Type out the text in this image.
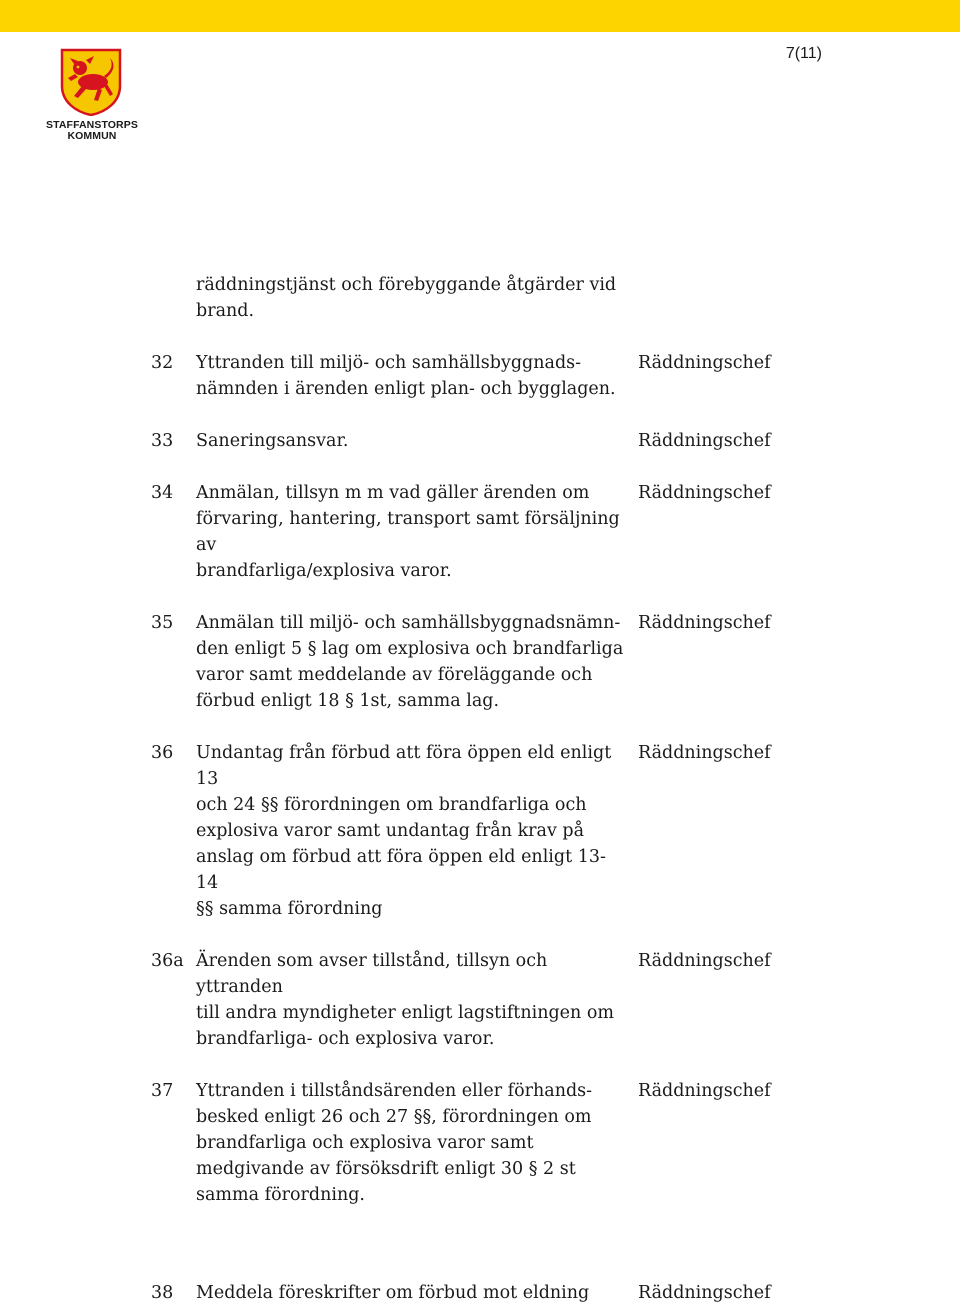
7(11)
STAFFANSTORPS
KOMMUN
räddningstjänst och förebyggande åtgärder vid
brand.
32 Yttranden till miljö- och samhällsbyggnads-
nämnden i ärenden enligt plan- och bygglagen.
Räddningschef
33 Saneringsansvar.	Räddningschef
34 Anmälan, tillsyn m m vad gäller ärenden om
förvaring, hantering, transport samt försäljning av
brandfarliga/explosiva varor.
Räddningschef
35 Anmälan till miljö- och samhällsbyggnadsnämn-
den enligt 5 § lag om explosiva och brandfarliga
varor samt meddelande av föreläggande och
förbud enligt 18 § 1st, samma lag.
Räddningschef
36 Undantag från förbud att föra öppen eld enligt 13
och 24 §§ förordningen om brandfarliga och
explosiva varor samt undantag från krav på
anslag om förbud att föra öppen eld enligt 13-14
§§ samma förordning
Räddningschef
36a Ärenden som avser tillstånd, tillsyn och yttranden
till andra myndigheter enligt lagstiftningen om
brandfarliga- och explosiva varor.
Räddningschef
37 Yttranden i tillståndsärenden eller förhands-
besked enligt 26 och 27 §§, förordningen om
brandfarliga och explosiva varor samt
medgivande av försöksdrift enligt 30 § 2 st
samma förordning.
Räddningschef
38 Meddela föreskrifter om förbud mot eldning	Räddningschef
